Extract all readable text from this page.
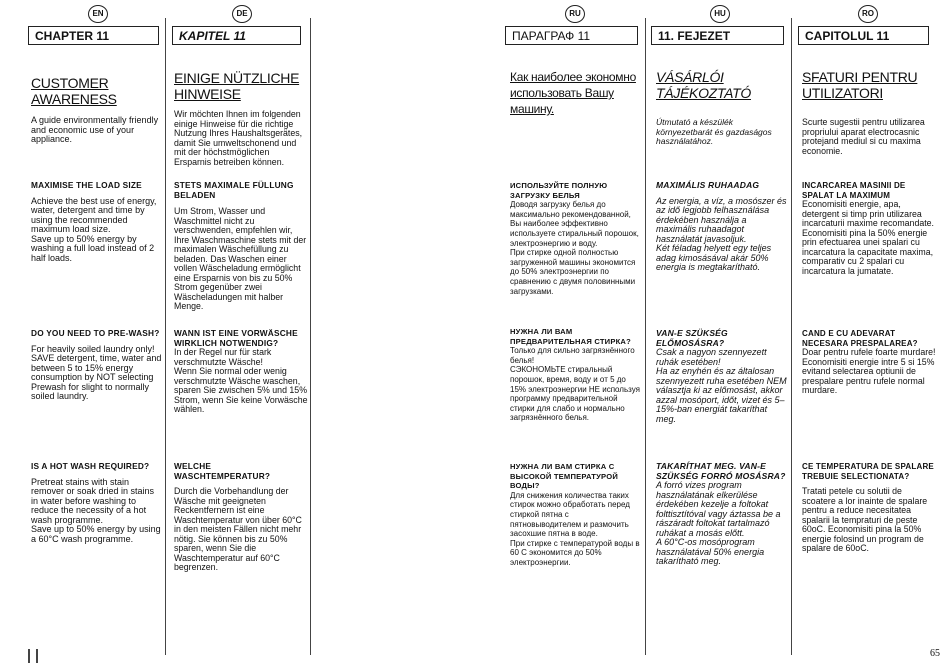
65
EN
CHAPTER 11
CUSTOMER AWARENESS

A guide environmentally friendly and economic use of your appliance.

MAXIMISE THE LOAD SIZE

Achieve the best use of energy, water, detergent and time by using the recommended maximum load size.
Save up to 50% energy by washing a full load instead of 2 half loads.

DO YOU NEED TO PRE-WASH?

For heavily soiled laundry only!
SAVE detergent, time, water and between 5 to 15% energy consumption by NOT selecting Prewash for slight to normally soiled laundry.

IS A HOT WASH REQUIRED?

Pretreat stains with stain remover or soak dried in stains in water before washing to reduce the necessity of a hot wash programme.
Save up to 50% energy by using a 60°C wash programme.

DE
KAPITEL 11
EINIGE NÜTZLICHE HINWEISE

Wir möchten Ihnen im folgenden einige Hinweise für die richtige Nutzung Ihres Haushaltsgerätes, damit Sie umweltschonend und mit der höchstmöglichen Ersparnis betreiben können.

STETS MAXIMALE FÜLLUNG BELADEN

Um Strom, Wasser und Waschmittel nicht zu verschwenden, empfehlen wir, Ihre Waschmaschine stets mit der maximalen Wäschefüllung zu beladen. Das Waschen einer vollen Wäscheladung ermöglicht eine Ersparnis von bis zu 50% Strom gegenüber zwei Wäscheladungen mit halber Menge.

WANN IST EINE VORWÄSCHE WIRKLICH NOTWENDIG?

In der Regel nur für stark verschmutzte Wäsche!
Wenn Sie normal oder wenig verschmutzte Wäsche waschen, sparen Sie zwischen 5% und 15% Strom, wenn Sie keine Vorwäsche wählen.

WELCHE WASCHTEMPERATUR?

Durch die Vorbehandlung der Wäsche mit geeigneten Reckentfernern ist eine Waschtemperatur von über 60°C in den meisten Fällen nicht mehr nötig. Sie können bis zu 50% sparen, wenn Sie die Waschtemperatur auf 60°C begrenzen.

RU
ПАРАГРАФ 11
Как наиболее экономно использовать Вашу машину.

ИСПОЛЬЗУЙТЕ ПОЛНУЮ ЗАГРУЗКУ БЕЛЬЯ

Доводя загрузку белья до максимально рекомендованной, Вы наиболее эффективно используете стиральный порошок, электроэнергию и воду.
При стирке одной полностью загруженной машины экономится до 50% электроэнергии по сравнению с двумя половинными загрузками.

НУЖНА ЛИ ВАМ ПРЕДВАРИТЕЛЬНАЯ СТИРКА?

Только для сильно загрязнённого белья!
СЭКОНОМЬТЕ стиральный порошок, время, воду и от 5 до 15% электроэнергии НЕ используя программу предварительной стирки для слабо и нормально загрязнённого белья.

НУЖНА ЛИ ВАМ СТИРКА С ВЫСОКОЙ ТЕМПЕРАТУРОЙ ВОДЫ?

Для снижения количества таких стирок можно обработать перед стиркой пятна с пятновыводителем и размочить засохшие пятна в воде.
При стирке с температурой воды в 60 С экономится до 50% электроэнергии.

HU
11. FEJEZET
VÁSÁRLÓI TÁJÉKOZTATÓ

Útmutató a készülék környezetbarát és gazdaságos használatához.

MAXIMÁLIS RUHAADAG

Az energia, a víz, a mosószer és az idő legjobb felhasználása érdekében használja a maximális ruhaadagot használatát javasoljuk.
Két féladag helyett egy teljes adag kimosásával akár 50% energia is megtakarítható.

VAN-E SZÜKSÉG ELŐMOSÁSRA?

Csak a nagyon szennyezett ruhák esetében!
Ha az enyhén és az általosan szennyezett ruha esetében NEM választja ki az előmosást, akkor azzal mosóport, időt, vizet és 5–15%-ban energiát takaríthat meg.

TAKARÍTHAT MEG. VAN-E SZÜKSÉG FORRÓ MOSÁSRA?

A forró vizes program használatának elkerülése érdekében kezelje a foltokat folttisztítóval vagy áztassa be a rászáradt foltokat tartalmazó ruhákat a mosás előtt.
A 60°C-os mosóprogram használatával 50% energia takarítható meg.

RO
CAPITOLUL 11
SFATURI PENTRU UTILIZATORI

Scurte sugestii pentru utilizarea propriului aparat electrocasnic protejand mediul si cu maxima economie.

INCARCAREA MASINII DE SPALAT LA MAXIMUM

Economisiti energie, apa, detergent si timp prin utilizarea incarcaturii maxime recomandate.
Economisiti pina la 50% energie prin efectuarea unei spalari cu incarcatura la capacitate maxima, comparativ cu 2 spalari cu incarcatura la jumatate.

CAND E CU ADEVARAT NECESARA PRESPALAREA?

Doar pentru rufele foarte murdare! Economisiti energie intre 5 si 15% evitand selectarea optiunii de prespalare pentru rufele normal murdare.

CE TEMPERATURA DE SPALARE TREBUIE SELECTIONATA?

Tratati petele cu solutii de scoatere a lor inainte de spalare pentru a reduce necesitatea spalarii la tempraturi de peste 60oC. Economisiti pina la 50% energie folosind un program de spalare de 60oC.
